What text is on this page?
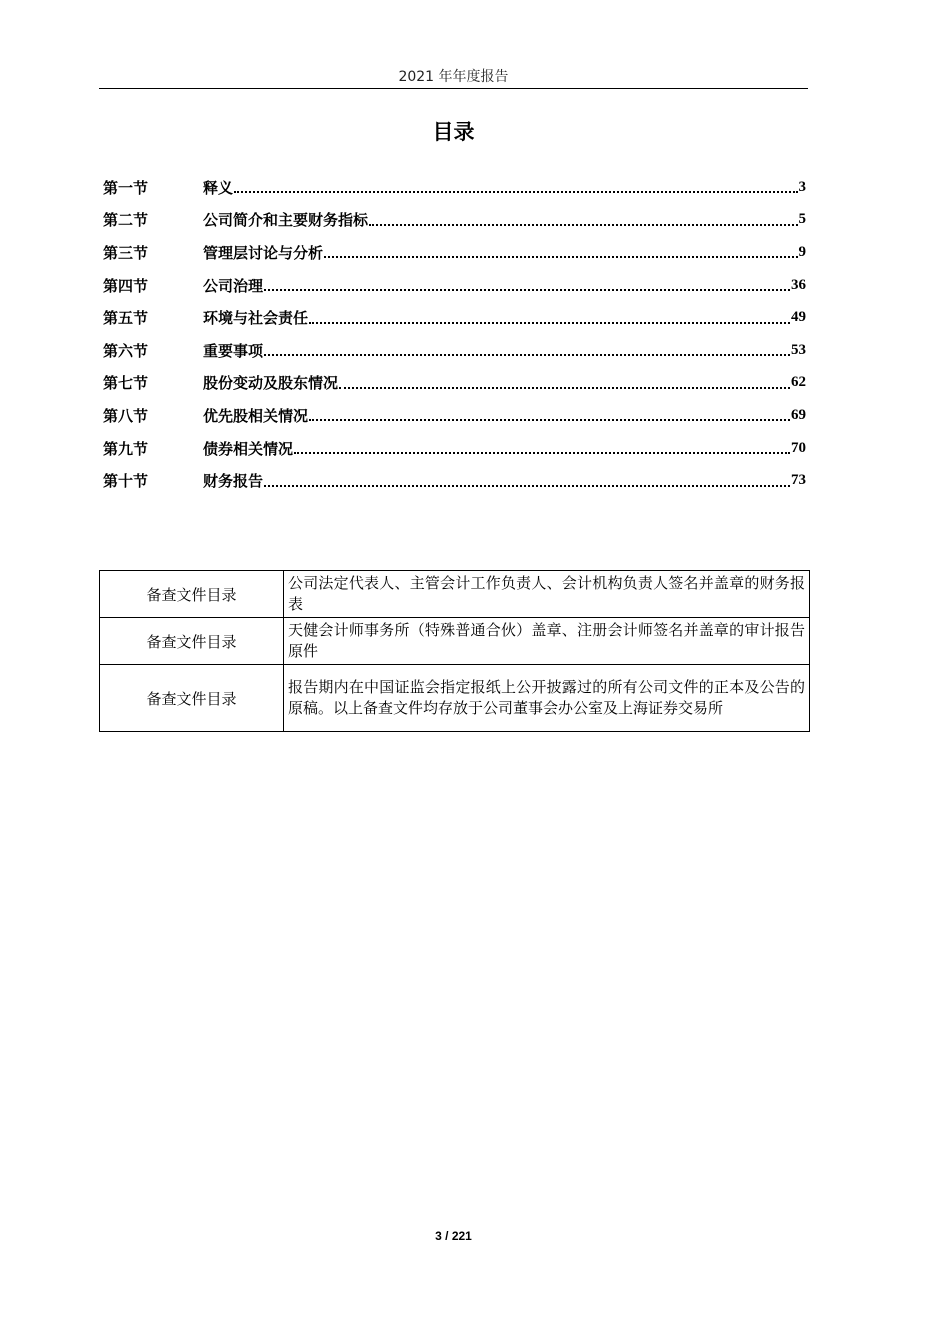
2021 年年度报告
目录
第一节	释义	3
第二节	公司简介和主要财务指标	5
第三节	管理层讨论与分析	9
第四节	公司治理	36
第五节	环境与社会责任	49
第六节	重要事项	53
第七节	股份变动及股东情况	62
第八节	优先股相关情况	69
第九节	债券相关情况	70
第十节	财务报告	73
备查文件目录	公司法定代表人、主管会计工作负责人、会计机构负责人签名并盖章的财务报表
备查文件目录	天健会计师事务所（特殊普通合伙）盖章、注册会计师签名并盖章的审计报告原件
备查文件目录	报告期内在中国证监会指定报纸上公开披露过的所有公司文件的正本及公告的原稿。以上备查文件均存放于公司董事会办公室及上海证券交易所
3 / 221
